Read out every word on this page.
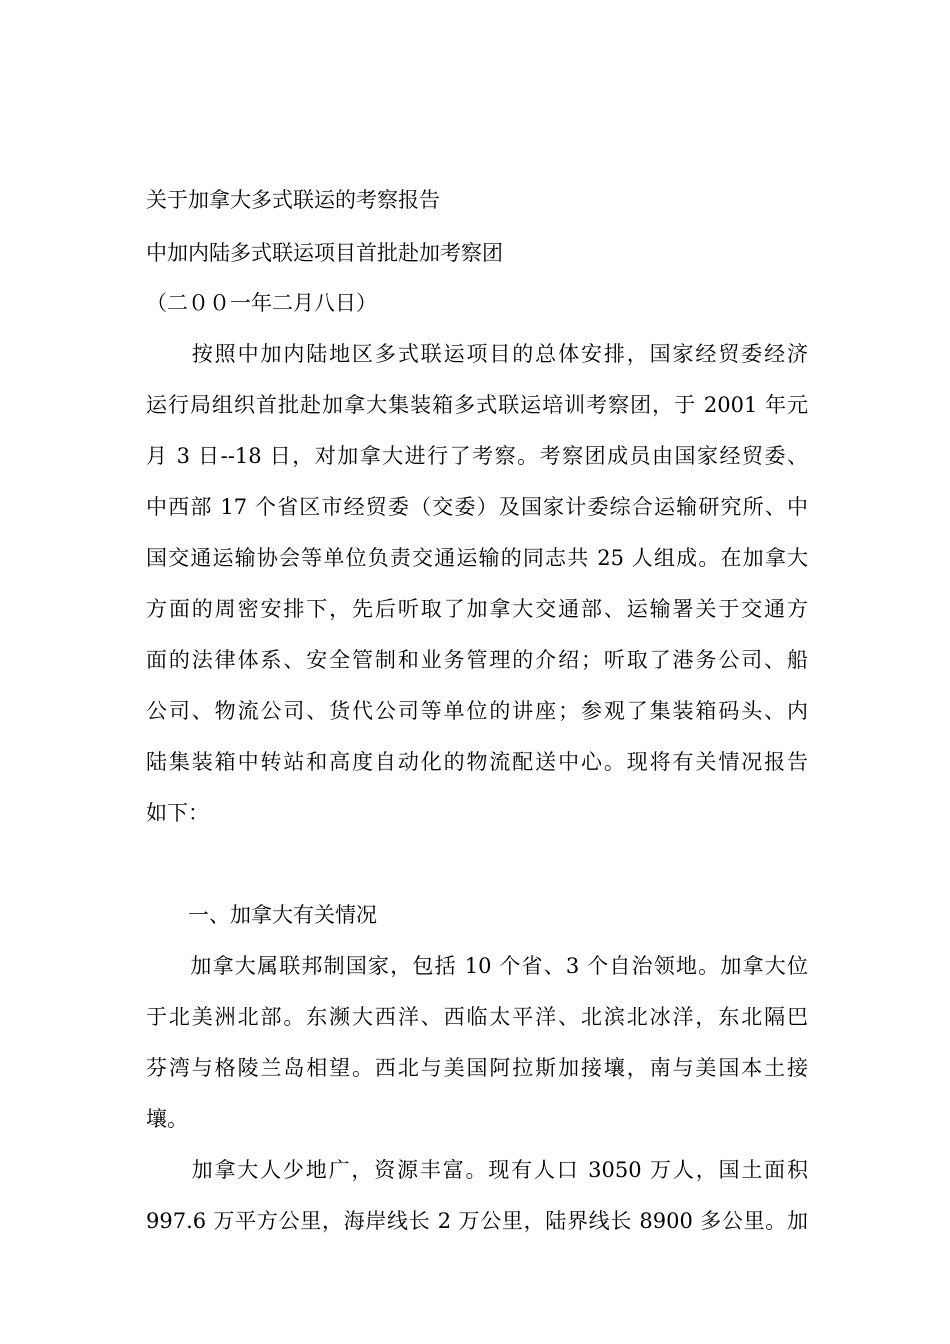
关于加拿大多式联运的考察报告
中加内陆多式联运项目首批赴加考察团
（二００一年二月八日）
　　按照中加内陆地区多式联运项目的总体安排，国家经贸委经济
运行局组织首批赴加拿大集装箱多式联运培训考察团，于 2001 年元
月 3 日--18 日，对加拿大进行了考察。考察团成员由国家经贸委、
中西部 17 个省区市经贸委（交委）及国家计委综合运输研究所、中
国交通运输协会等单位负责交通运输的同志共 25 人组成。在加拿大
方面的周密安排下，先后听取了加拿大交通部、运输署关于交通方
面的法律体系、安全管制和业务管理的介绍；听取了港务公司、船
公司、物流公司、货代公司等单位的讲座；参观了集装箱码头、内
陆集装箱中转站和高度自动化的物流配送中心。现将有关情况报告
如下：
　　一、加拿大有关情况
　　加拿大属联邦制国家，包括 10 个省、3 个自治领地。加拿大位
于北美洲北部。东濒大西洋、西临太平洋、北滨北冰洋，东北隔巴
芬湾与格陵兰岛相望。西北与美国阿拉斯加接壤，南与美国本土接
壤。
　　加拿大人少地广，资源丰富。现有人口 3050 万人，国土面积
997.6 万平方公里，海岸线长 2 万公里，陆界线长 8900 多公里。加
